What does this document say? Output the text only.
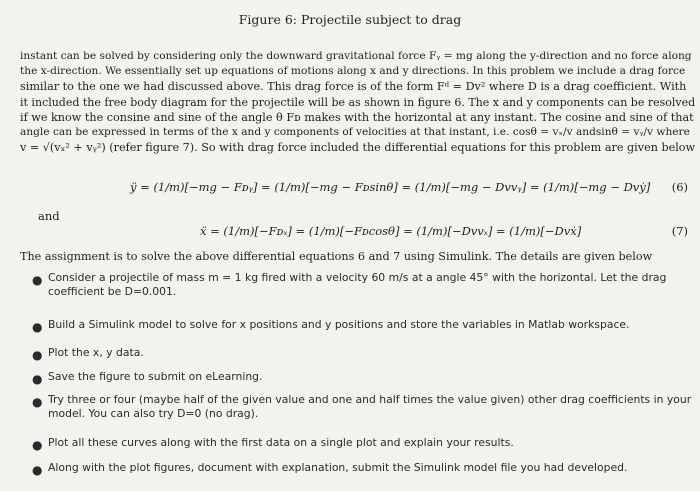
Figure 6: Projectile subject to drag
instant can be solved by considering only the downward gravitational force Fᵧ = mg along the y-direction and no force along
the x-direction. We essentially set up equations of motions along x and y directions. In this problem we include a drag force
similar to the one we had discussed above. This drag force is of the form Fᵈ = Dv² where D is a drag coefficient. With
it included the free body diagram for the projectile will be as shown in figure 6. The x and y components can be resolved
if we know the consine and sine of the angle θ Fᴅ makes with the horizontal at any instant. The cosine and sine of that
angle can be expressed in terms of the x and y components of velocities at that instant, i.e. cosθ = vₓ/v andsinθ = vᵧ/v where
v = √(vₓ² + vᵧ²) (refer figure 7). So with drag force included the differential equations for this problem are given below
ÿ = (1/m)[−mg − Fᴅᵧ] = (1/m)[−mg − Fᴅsinθ] = (1/m)[−mg − Dvvᵧ] = (1/m)[−mg − Dvẏ] (6)
and
ẍ = (1/m)[−Fᴅₓ] = (1/m)[−Fᴅcosθ] = (1/m)[−Dvvₓ] = (1/m)[−Dvẋ]	(7)
The assignment is to solve the above differential equations 6 and 7 using Simulink. The details are given below
● Consider a projectile of mass m = 1 kg fired with a velocity 60 m/s at a angle 45° with the horizontal. Let the drag
coefficient be D=0.001.
● Build a Simulink model to solve for x positions and y positions and store the variables in Matlab workspace.
● Plot the x, y data.
● Save the figure to submit on eLearning.
● Try three or four (maybe half of the given value and one and half times the value given) other drag coefficients in your
model. You can also try D=0 (no drag).
● Plot all these curves along with the first data on a single plot and explain your results.
● Along with the plot figures, document with explanation, submit the Simulink model file you had developed.
